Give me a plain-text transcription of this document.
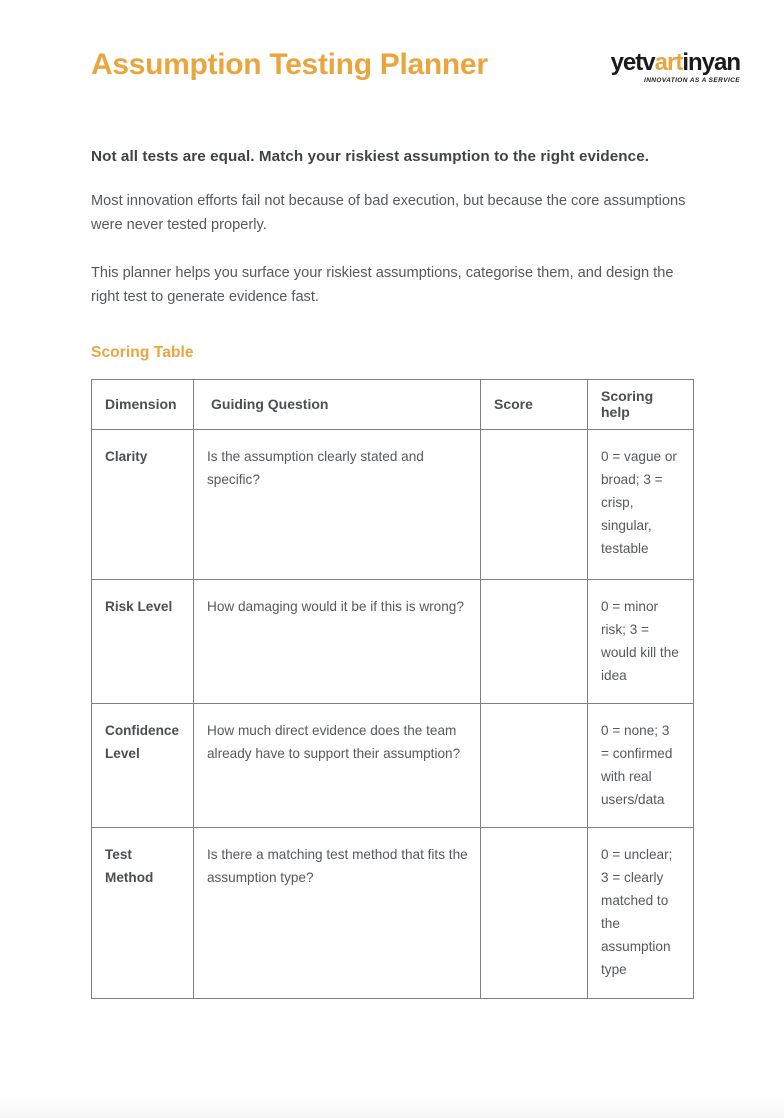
Assumption Testing Planner	yetvartinyan
INNOVATION AS A SERVICE

Not all tests are equal. Match your riskiest assumption to the right evidence.

Most innovation efforts fail not because of bad execution, but because the core assumptions were never tested properly.

This planner helps you surface your riskiest assumptions, categorise them, and design the right test to generate evidence fast.

Scoring Table
Dimension	Guiding Question	Score	Scoring help
Clarity	Is the assumption clearly stated and specific?		0 = vague or broad; 3 = crisp, singular, testable
Risk Level	How damaging would it be if this is wrong?		0 = minor risk; 3 = would kill the idea
Confidence Level	How much direct evidence does the team already have to support their assumption?		0 = none; 3 = confirmed with real users/data
Test Method	Is there a matching test method that fits the assumption type?		0 = unclear; 3 = clearly matched to the assumption type
